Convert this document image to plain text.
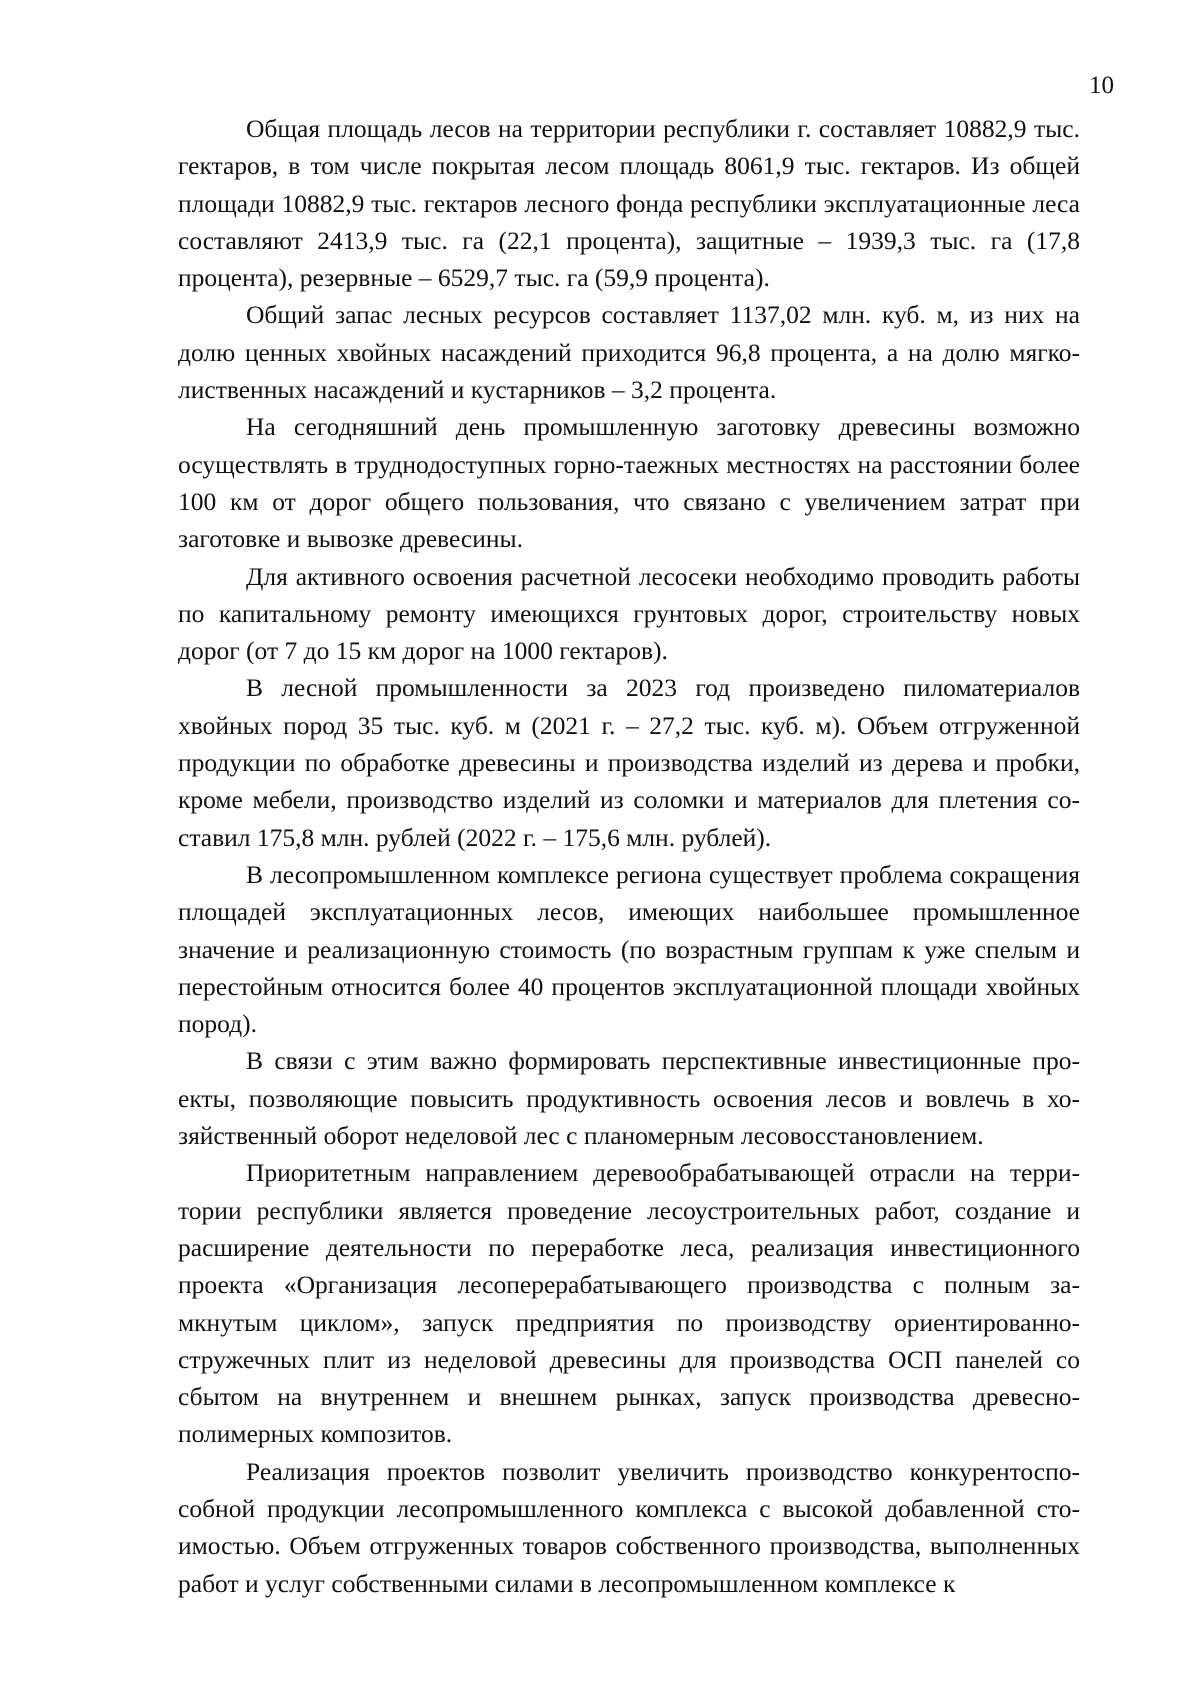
10

Общая площадь лесов на территории республики г. составляет 10882,9 тыс. гектаров, в том числе покрытая лесом площадь 8061,9 тыс. гектаров. Из общей площади 10882,9 тыс. гектаров лесного фонда республики эксплуатационные леса составляют 2413,9 тыс. га (22,1 процента), защитные – 1939,3 тыс. га (17,8 процента), резервные – 6529,7 тыс. га (59,9 процента).

Общий запас лесных ресурсов составляет 1137,02 млн. куб. м, из них на долю ценных хвойных насаждений приходится 96,8 процента, а на долю мягколиственных насаждений и кустарников – 3,2 процента.

На сегодняшний день промышленную заготовку древесины возможно осуществлять в труднодоступных горно-таежных местностях на расстоянии более 100 км от дорог общего пользования, что связано с увеличением затрат при заготовке и вывозке древесины.

Для активного освоения расчетной лесосеки необходимо проводить работы по капитальному ремонту имеющихся грунтовых дорог, строительству новых дорог (от 7 до 15 км дорог на 1000 гектаров).

В лесной промышленности за 2023 год произведено пиломатериалов хвойных пород 35 тыс. куб. м (2021 г. – 27,2 тыс. куб. м). Объем отгруженной продукции по обработке древесины и производства изделий из дерева и пробки, кроме мебели, производство изделий из соломки и материалов для плетения составил 175,8 млн. рублей (2022 г. – 175,6 млн. рублей).

В лесопромышленном комплексе региона существует проблема сокращения площадей эксплуатационных лесов, имеющих наибольшее промышленное значение и реализационную стоимость (по возрастным группам к уже спелым и перестойным относится более 40 процентов эксплуатационной площади хвойных пород).

В связи с этим важно формировать перспективные инвестиционные проекты, позволяющие повысить продуктивность освоения лесов и вовлечь в хозяйственный оборот неделовой лес с планомерным лесовосстановлением.

Приоритетным направлением деревообрабатывающей отрасли на территории республики является проведение лесоустроительных работ, создание и расширение деятельности по переработке леса, реализация инвестиционного проекта «Организация лесоперерабатывающего производства с полным замкнутым циклом», запуск предприятия по производству ориентированно-стружечных плит из неделовой древесины для производства ОСП панелей со сбытом на внутреннем и внешнем рынках, запуск производства древеснополимерных композитов.

Реализация проектов позволит увеличить производство конкурентоспособной продукции лесопромышленного комплекса с высокой добавленной стоимостью. Объем отгруженных товаров собственного производства, выполненных работ и услуг собственными силами в лесопромышленном комплексе к
